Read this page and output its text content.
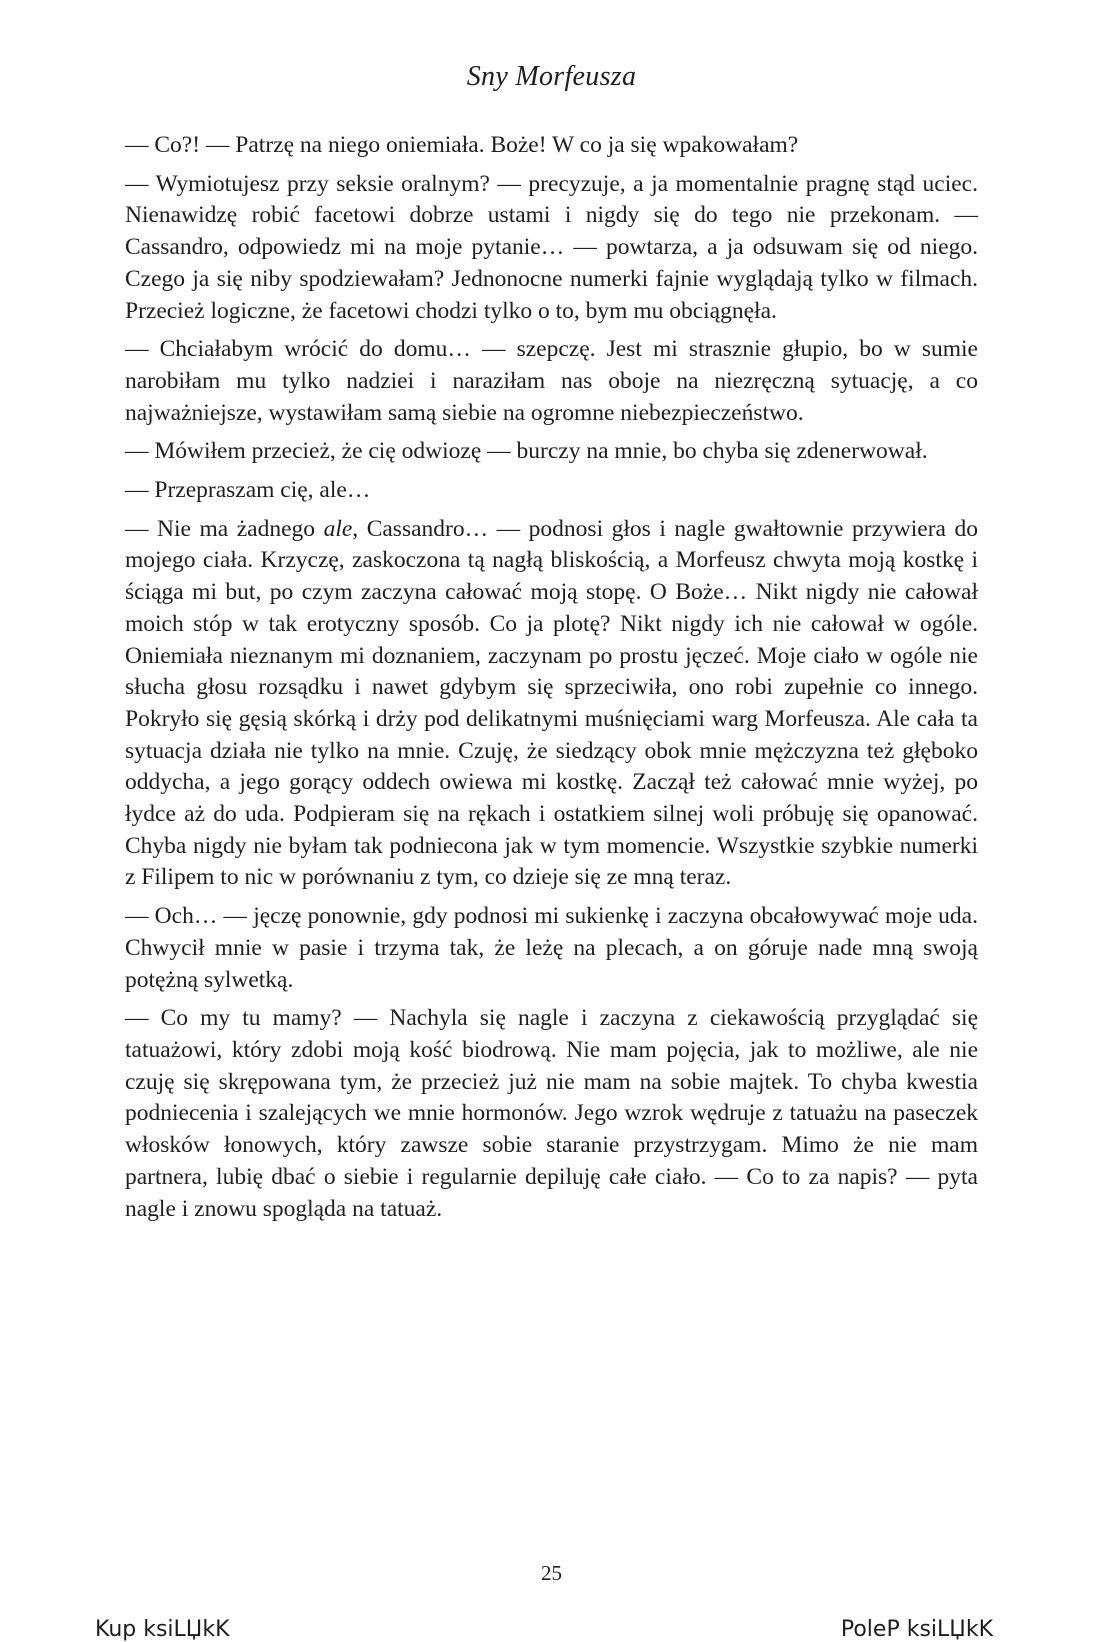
Sny Morfeusza

— Co?! — Patrzę na niego oniemiała. Boże! W co ja się wpakowałam?

— Wymiotujesz przy seksie oralnym? — precyzuje, a ja momentalnie pragnę stąd uciec. Nienawidzę robić facetowi dobrze ustami i nigdy się do tego nie przekonam. — Cassandro, odpowiedz mi na moje pytanie… — powtarza, a ja odsuwam się od niego. Czego ja się niby spodziewałam? Jednonocne numerki fajnie wyglądają tylko w filmach. Przecież logiczne, że facetowi chodzi tylko o to, bym mu obciągnęła.

— Chciałabym wrócić do domu… — szepczę. Jest mi strasznie głupio, bo w sumie narobiłam mu tylko nadziei i naraziłam nas oboje na niezręczną sytuację, a co najważniejsze, wystawiłam samą siebie na ogromne niebezpieczeństwo.

— Mówiłem przecież, że cię odwiozę — burczy na mnie, bo chyba się zdenerwował.

— Przepraszam cię, ale…

— Nie ma żadnego ale, Cassandro… — podnosi głos i nagle gwałtownie przywiera do mojego ciała. Krzyczę, zaskoczona tą nagłą bliskością, a Morfeusz chwyta moją kostkę i ściąga mi but, po czym zaczyna całować moją stopę. O Boże… Nikt nigdy nie całował moich stóp w tak erotyczny sposób. Co ja plotę? Nikt nigdy ich nie całował w ogóle. Oniemiała nieznanym mi doznaniem, zaczynam po prostu jęczeć. Moje ciało w ogóle nie słucha głosu rozsądku i nawet gdybym się sprzeciwiła, ono robi zupełnie co innego. Pokryło się gęsią skórką i drży pod delikatnymi muśnięciami warg Morfeusza. Ale cała ta sytuacja działa nie tylko na mnie. Czuję, że siedzący obok mnie mężczyzna też głęboko oddycha, a jego gorący oddech owiewa mi kostkę. Zaczął też całować mnie wyżej, po łydce aż do uda. Podpieram się na rękach i ostatkiem silnej woli próbuję się opanować. Chyba nigdy nie byłam tak podniecona jak w tym momencie. Wszystkie szybkie numerki z Filipem to nic w porównaniu z tym, co dzieje się ze mną teraz.

— Och… — jęczę ponownie, gdy podnosi mi sukienkę i zaczyna obcałowywać moje uda. Chwycił mnie w pasie i trzyma tak, że leżę na plecach, a on góruje nade mną swoją potężną sylwetką.

— Co my tu mamy? — Nachyla się nagle i zaczyna z ciekawością przyglądać się tatuażowi, który zdobi moją kość biodrową. Nie mam pojęcia, jak to możliwe, ale nie czuję się skrępowana tym, że przecież już nie mam na sobie majtek. To chyba kwestia podniecenia i szalejących we mnie hormonów. Jego wzrok wędruje z tatuażu na paseczek włosków łonowych, który zawsze sobie staranie przystrzygam. Mimo że nie mam partnera, lubię dbać o siebie i regularnie depiluję całe ciało. — Co to za napis? — pyta nagle i znowu spogląda na tatuaż.

25
Kup ksiLЏkK	PoleP ksiLЏkK
